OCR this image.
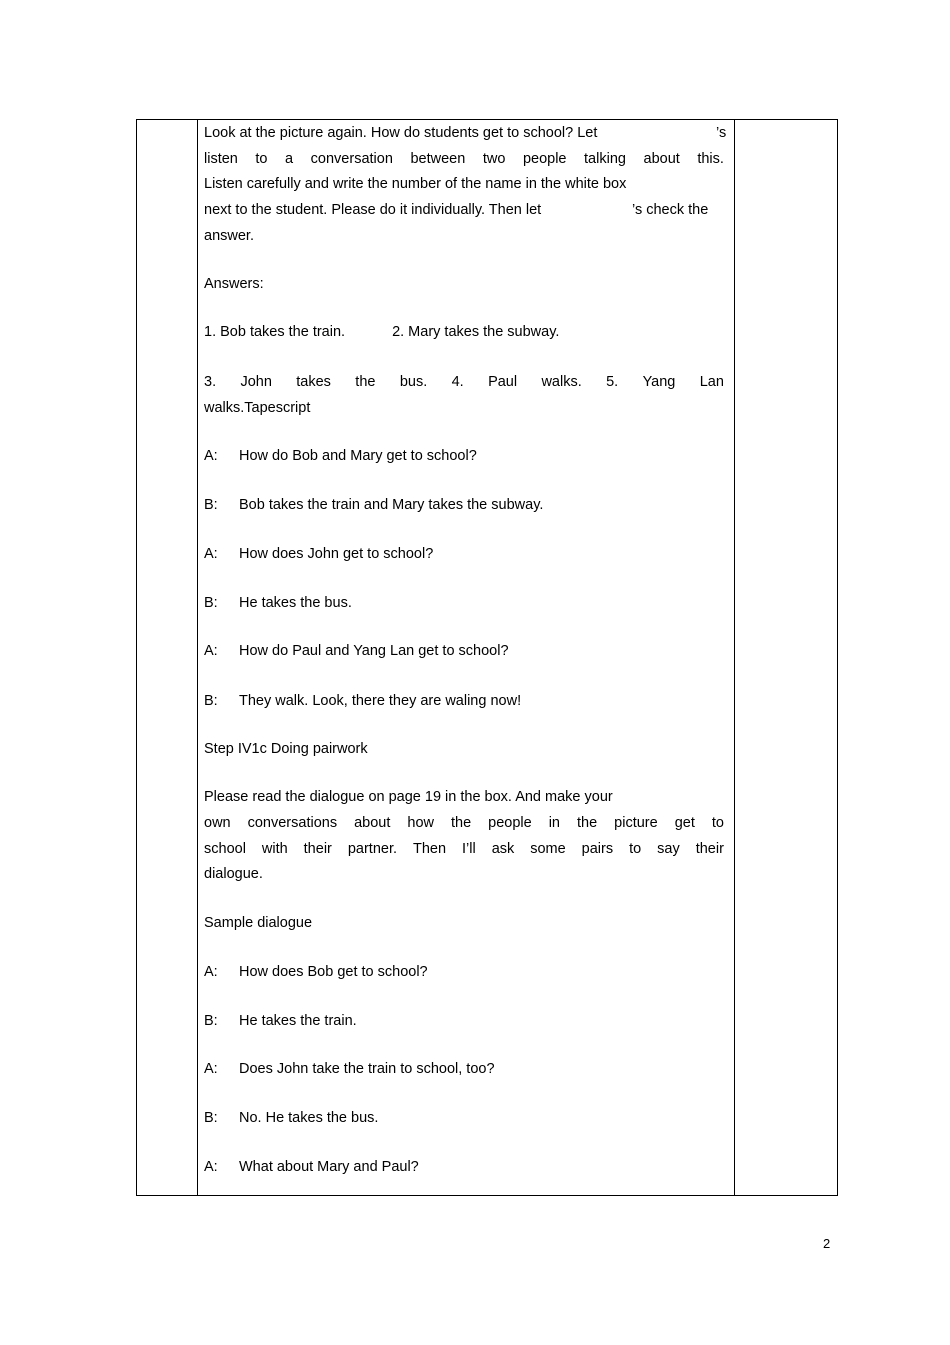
Look at the picture again. How do students get to school? Let	’s
listen to a conversation between two people talking about this.
Listen carefully and write the number of the name in the white box
next to the student. Please do it individually. Then let	’s check the
answer.
Answers:
1. Bob takes the train.	2. Mary takes the subway.
3. John takes the bus. 4. Paul walks. 5. Yang Lan
walks.Tapescript
A: How do Bob and Mary get to school?
B: Bob takes the train and Mary takes the subway.
A: How does John get to school?
B: He takes the bus.
A: How do Paul and Yang Lan get to school?
B: They walk. Look, there they are waling now!
Step IV1c Doing pairwork
Please read the dialogue on page 19 in the box. And make your
own conversations about how the people in the picture get to
school with their partner. Then I’ll ask some pairs to say their
dialogue.
Sample dialogue
A: How does Bob get to school?
B: He takes the train.
A: Does John take the train to school, too?
B: No. He takes the bus.
A: What about Mary and Paul?
2
